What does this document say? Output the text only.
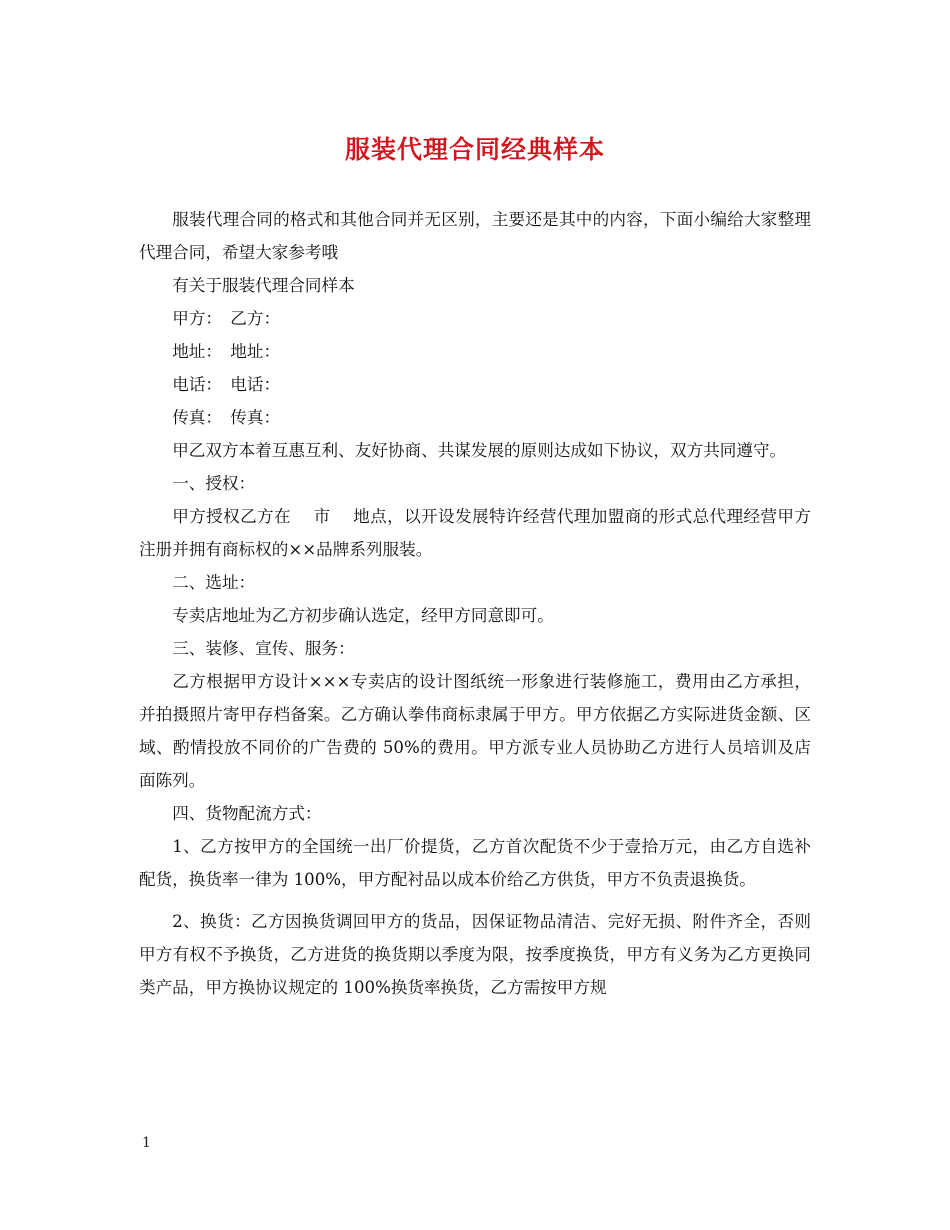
服装代理合同经典样本

服装代理合同的格式和其他合同并无区别，主要还是其中的内容，下面小编给大家整理代理合同，希望大家参考哦

有关于服装代理合同样本

甲方：　乙方：

地址：　地址：

电话：　电话：

传真：　传真：

甲乙双方本着互惠互利、友好协商、共谋发展的原则达成如下协议，双方共同遵守。

一、授权：

甲方授权乙方在　 市　 地点，以开设发展特许经营代理加盟商的形式总代理经营甲方注册并拥有商标权的××品牌系列服装。

二、选址：

专卖店地址为乙方初步确认选定，经甲方同意即可。

三、装修、宣传、服务：

乙方根据甲方设计×××专卖店的设计图纸统一形象进行装修施工，费用由乙方承担，并拍摄照片寄甲存档备案。乙方确认拳伟商标隶属于甲方。甲方依据乙方实际进货金额、区域、酌情投放不同价的广告费的 50%的费用。甲方派专业人员协助乙方进行人员培训及店面陈列。

四、货物配流方式：

1、乙方按甲方的全国统一出厂价提货，乙方首次配货不少于壹拾万元，由乙方自选补配货，换货率一律为 100%，甲方配衬品以成本价给乙方供货，甲方不负责退换货。

2、换货：乙方因换货调回甲方的货品，因保证物品清洁、完好无损、附件齐全，否则甲方有权不予换货，乙方进货的换货期以季度为限，按季度换货，甲方有义务为乙方更换同类产品，甲方换协议规定的 100%换货率换货，乙方需按甲方规

1
